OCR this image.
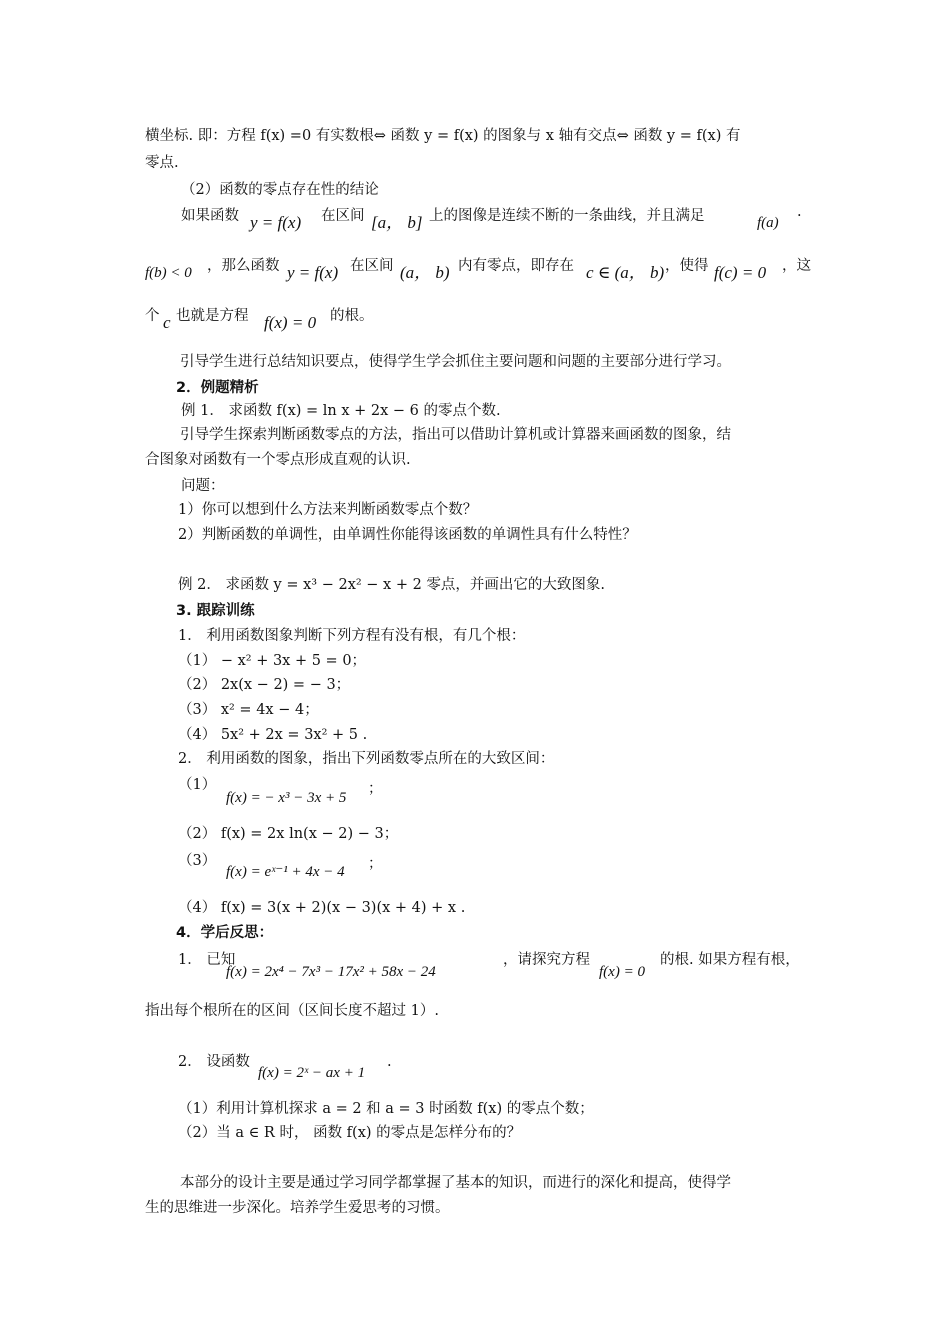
横坐标. 即：方程 f(x) =0 有实数根⇔ 函数 y = f(x) 的图象与 x 轴有交点⇔ 函数 y = f(x) 有
零点.
（2）函数的零点存在性的结论
如果函数 y = f(x) 在区间 [a， b] 上的图像是连续不断的一条曲线，并且满足	f(a) ·
f(b) < 0 ，那么函数 y = f(x) 在区间 (a， b) 内有零点，即存在 c ∈ (a， b) ，使得 f(c) = 0 ，这
个 c 也就是方程 f(x) = 0 的根。
引导学生进行总结知识要点，使得学生学会抓住主要问题和问题的主要部分进行学习。
2．例题精析
例 1． 求函数 f(x) = ln x + 2x − 6 的零点个数.
引导学生探索判断函数零点的方法，指出可以借助计算机或计算器来画函数的图象，结
合图象对函数有一个零点形成直观的认识.
问题：
1）你可以想到什么方法来判断函数零点个数？
2）判断函数的单调性，由单调性你能得该函数的单调性具有什么特性？
例 2． 求函数 y = x³ − 2x² − x + 2 零点，并画出它的大致图象.
3. 跟踪训练
1． 利用函数图象判断下列方程有没有根，有几个根：
（1） − x² + 3x + 5 = 0；
（2） 2x(x − 2) = − 3；
（3） x² = 4x − 4；
（4） 5x² + 2x = 3x² + 5 .
2． 利用函数的图象，指出下列函数零点所在的大致区间：
（1）
f(x) = − x³ − 3x + 5
；
（2） f(x) = 2x ln(x − 2) − 3；
（3）
f(x) = eˣ⁻¹ + 4x − 4 ；
（4） f(x) = 3(x + 2)(x − 3)(x + 4) + x .
4．学后反思：
1． 已知
f(x) = 2x⁴ − 7x³ − 17x² + 58x − 24
，请探究方程
f(x) = 0
的根. 如果方程有根，
指出每个根所在的区间（区间长度不超过 1）.
2． 设函数
f(x) = 2ˣ − ax + 1
.
（1）利用计算机探求 a = 2 和 a = 3 时函数 f(x) 的零点个数；
（2）当 a ∈ R 时， 函数 f(x) 的零点是怎样分布的？
本部分的设计主要是通过学习同学都掌握了基本的知识，而进行的深化和提高，使得学
生的思维进一步深化。培养学生爱思考的习惯。
